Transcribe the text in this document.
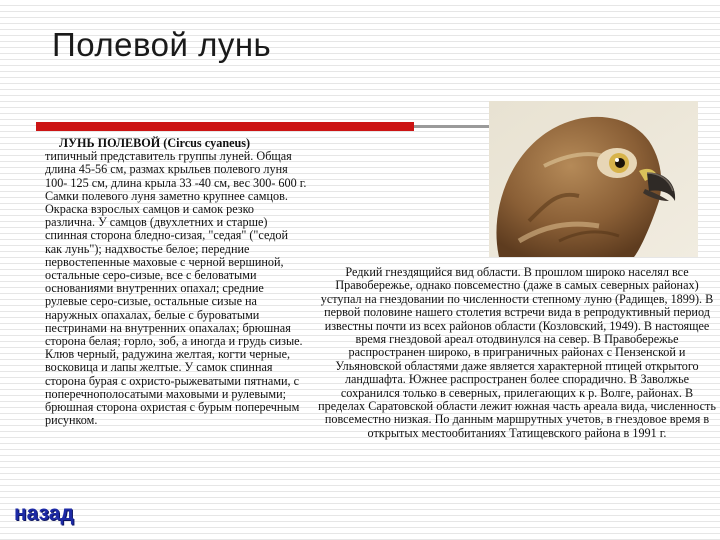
Полевой лунь
ЛУНЬ ПОЛЕВОЙ (Circus cyaneus)
типичный представитель группы луней. Общая длина 45-56 см, размах крыльев полевого луня 100- 125 см, длина крыла 33 -40 см, вес 300- 600 г. Самки полевого луня заметно крупнее самцов. Окраска взрослых самцов и самок резко различна. У самцов (двухлетних и старше) спинная сторона бледно-сизая, "седая" ("седой как лунь"); надхвостье белое; передние первостепенные маховые с черной вершиной, остальные серо-сизые, все с беловатыми основаниями внутренних опахал; средние рулевые серо-сизые, остальные сизые на наружных опахалах, белые с буроватыми пестринами на внутренних опахалах; брюшная сторона белая; горло, зоб, а иногда и грудь сизые. Клюв черный, радужина желтая, когти черные, восковица и лапы желтые. У самок спинная сторона бурая с охристо-рыжеватыми пятнами, с поперечнополосатыми маховыми и рулевыми; брюшная сторона охристая с бурым поперечным рисунком.
Редкий гнездящийся вид области. В прошлом широко населял все Правобережье, однако повсеместно (даже в самых северных районах) уступал на гнездовании по численности степному луню (Радищев, 1899). В первой половине нашего столетия встречи вида в репродуктивный период известны почти из всех районов области (Козловский, 1949). В настоящее время гнездовой ареал отодвинулся на север. В Правобережье распространен широко, в приграничных районах с Пензенской и Ульяновской областями даже является характерной птицей открытого ландшафта. Южнее распространен более спорадично. В Заволжье сохранился только в северных, прилегающих к р. Волге, районах. В пределах Саратовской области лежит южная часть ареала вида, численность повсеместно низкая. По данным маршрутных учетов, в гнездовое время в открытых местообитаниях Татищевского района в 1991 г.
назад
